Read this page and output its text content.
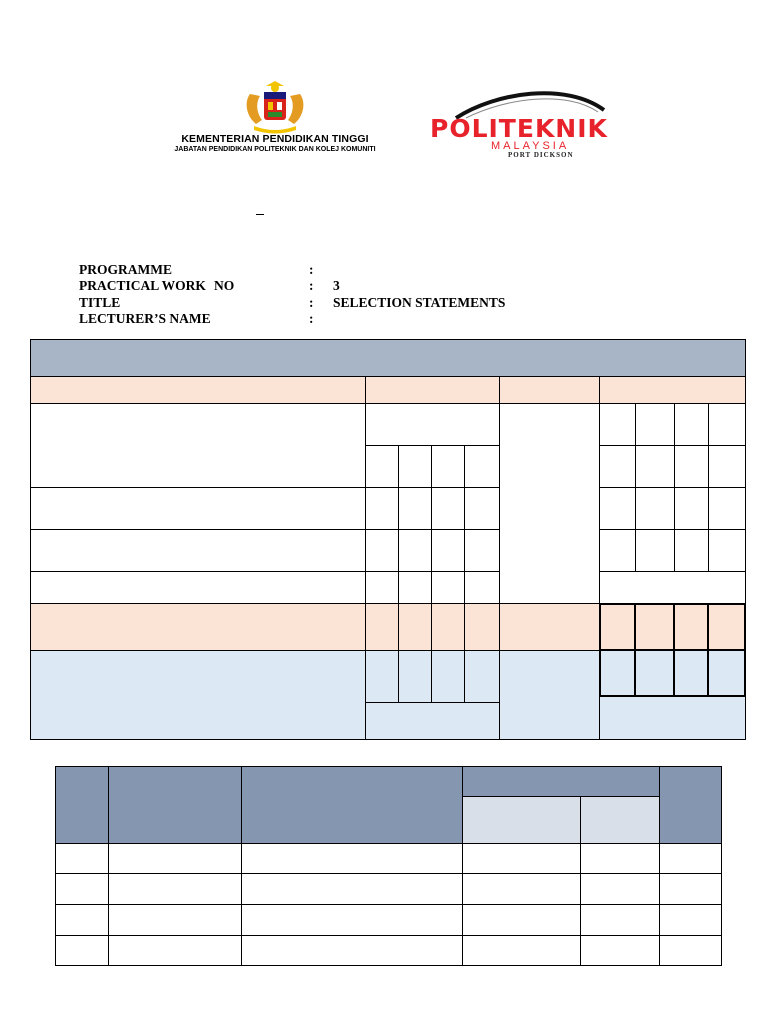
KEMENTERIAN PENDIDIKAN TINGGI
JABATAN PENDIDIKAN POLITEKNIK DAN KOLEJ KOMUNITI
POLITEKNIK
MALAYSIA
PORT DICKSON
PROGRAMME	:
PRACTICAL WORK NO	: 3
TITLE	: SELECTION STATEMENTS
LECTURER’S NAME	:
